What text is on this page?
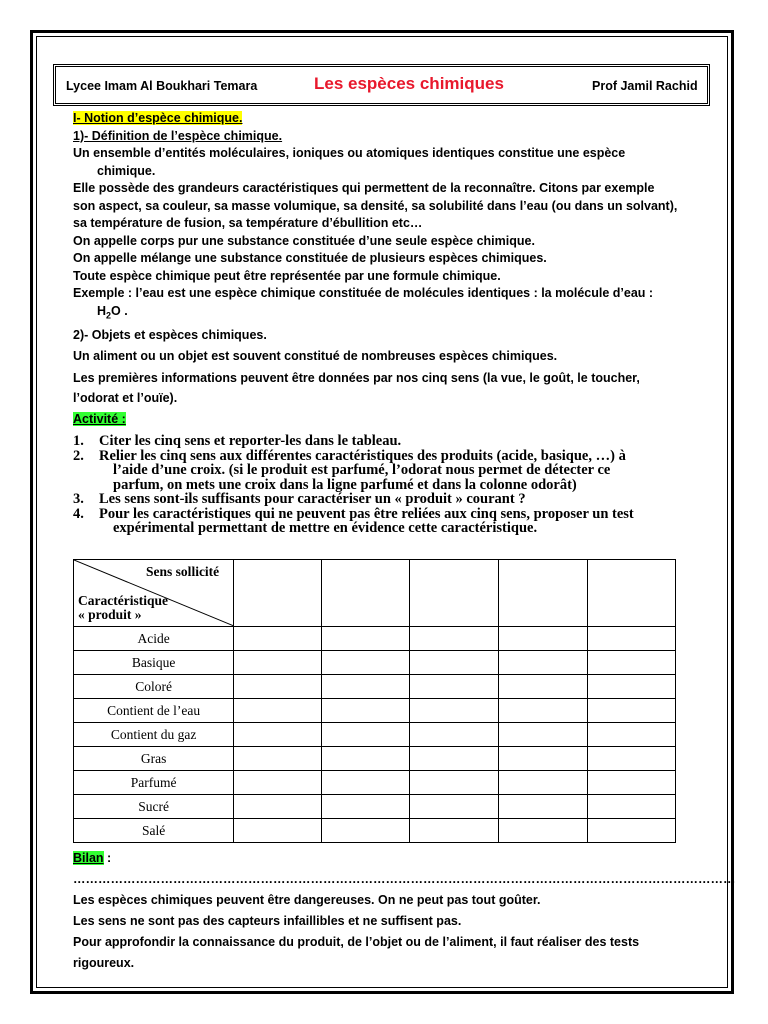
Lycee Imam Al Boukhari Temara	Les espèces chimiques	Prof Jamil Rachid

I- Notion d’espèce chimique.

1)- Définition de l’espèce chimique.

Un ensemble d’entités moléculaires, ioniques ou atomiques identiques constitue une espèce

chimique.

Elle possède des grandeurs caractéristiques qui permettent de la reconnaître. Citons par exemple

son aspect, sa couleur, sa masse volumique, sa densité, sa solubilité dans l’eau (ou dans un solvant),

sa température de fusion, sa température d’ébullition etc…

On appelle corps pur une substance constituée d’une seule espèce chimique.

On appelle mélange une substance constituée de plusieurs espèces chimiques.

Toute espèce chimique peut être représentée par une formule chimique.

Exemple : l’eau est une espèce chimique constituée de molécules identiques : la molécule d’eau :

$H_2O$ .

2)- Objets et espèces chimiques.

Un aliment ou un objet est souvent constitué de nombreuses espèces chimiques.

Les premières informations peuvent être données par nos cinq sens (la vue, le goût, le toucher,

l’odorat et l’ouïe).

Activité :

1.	Citer les cinq sens et reporter-les dans le tableau.
2.	Relier les cinq sens aux différentes caractéristiques des produits (acide, basique, …) à
l’aide d’une croix. (si le produit est parfumé, l’odorat nous permet de détecter ce
parfum, on mets une croix dans la ligne parfumé et dans la colonne odorât)
3.	Les sens sont-ils suffisants pour caractériser un « produit » courant ?
4.	Pour les caractéristiques qui ne peuvent pas être reliées aux cinq sens, proposer un test
expérimental permettant de mettre en évidence cette caractéristique.
Sens sollicité
Caractéristique
« produit »					

Acide					
Basique					
Coloré					
Contient de l’eau					
Contient du gaz					
Gras					
Parfumé					
Sucré					
Salé					

Bilan : ……………………………………………………………………………………………………………………………………………

Les espèces chimiques peuvent être dangereuses. On ne peut pas tout goûter.

Les sens ne sont pas des capteurs infaillibles et ne suffisent pas.

Pour approfondir la connaissance du produit, de l’objet ou de l’aliment, il faut réaliser des tests

rigoureux.
